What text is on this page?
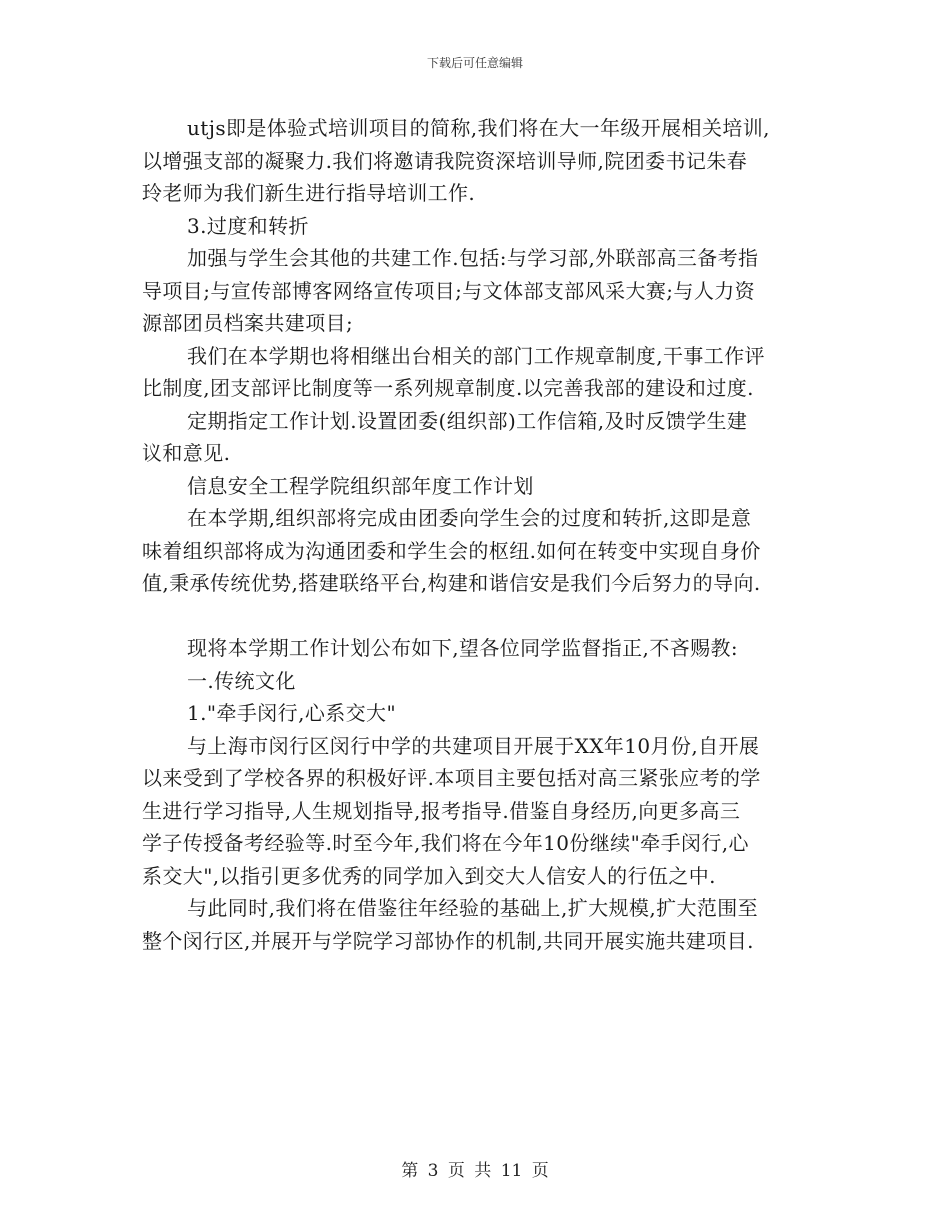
下载后可任意编辑
utjs即是体验式培训项目的简称,我们将在大一年级开展相关培训,
以增强支部的凝聚力.我们将邀请我院资深培训导师,院团委书记朱春
玲老师为我们新生进行指导培训工作.
3.过度和转折
加强与学生会其他的共建工作.包括:与学习部,外联部高三备考指
导项目;与宣传部博客网络宣传项目;与文体部支部风采大赛;与人力资
源部团员档案共建项目;
我们在本学期也将相继出台相关的部门工作规章制度,干事工作评
比制度,团支部评比制度等一系列规章制度.以完善我部的建设和过度.
定期指定工作计划.设置团委(组织部)工作信箱,及时反馈学生建
议和意见.
信息安全工程学院组织部年度工作计划
在本学期,组织部将完成由团委向学生会的过度和转折,这即是意
味着组织部将成为沟通团委和学生会的枢纽.如何在转变中实现自身价
值,秉承传统优势,搭建联络平台,构建和谐信安是我们今后努力的导向.
现将本学期工作计划公布如下,望各位同学监督指正,不吝赐教:
一.传统文化
1."牵手闵行,心系交大"
与上海市闵行区闵行中学的共建项目开展于XX年10月份,自开展
以来受到了学校各界的积极好评.本项目主要包括对高三紧张应考的学
生进行学习指导,人生规划指导,报考指导.借鉴自身经历,向更多高三
学子传授备考经验等.时至今年,我们将在今年10份继续"牵手闵行,心
系交大",以指引更多优秀的同学加入到交大人信安人的行伍之中.
与此同时,我们将在借鉴往年经验的基础上,扩大规模,扩大范围至
整个闵行区,并展开与学院学习部协作的机制,共同开展实施共建项目.
第 3 页 共 11 页
